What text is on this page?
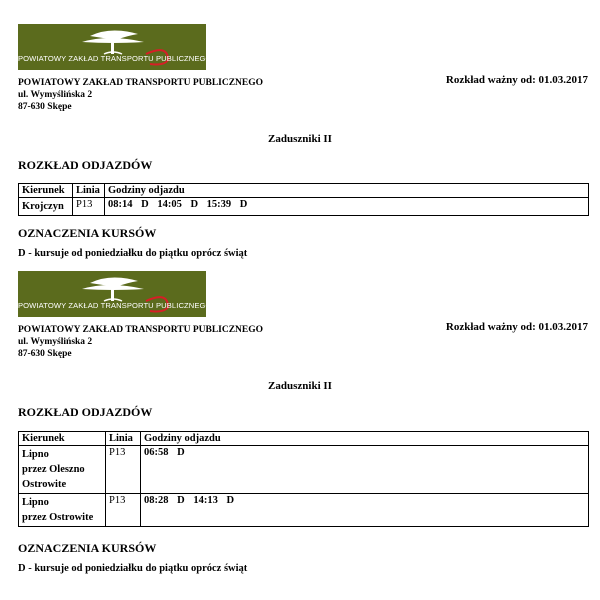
POWIATOWY ZAKŁAD TRANSPORTU PUBLICZNEGO
POWIATOWY ZAKŁAD TRANSPORTU PUBLICZNEGO
ul. Wymyślińska 2
87-630 Skępe
Rozkład ważny od: 01.03.2017
Zaduszniki II
ROZKŁAD ODJAZDÓW
Kierunek	Linia	Godziny odjazdu
Krojczyn	P13	08:14 D 14:05 D 15:39 D
OZNACZENIA KURSÓW
D - kursuje od poniedziałku do piątku oprócz świąt
POWIATOWY ZAKŁAD TRANSPORTU PUBLICZNEGO
POWIATOWY ZAKŁAD TRANSPORTU PUBLICZNEGO
ul. Wymyślińska 2
87-630 Skępe
Rozkład ważny od: 01.03.2017
Zaduszniki II
ROZKŁAD ODJAZDÓW
Kierunek	Linia	Godziny odjazdu

Lipno
przez Oleszno
Ostrowite	P13	06:58 D

Lipno
przez Ostrowite	P13	08:28 D 14:13 D
OZNACZENIA KURSÓW
D - kursuje od poniedziałku do piątku oprócz świąt
